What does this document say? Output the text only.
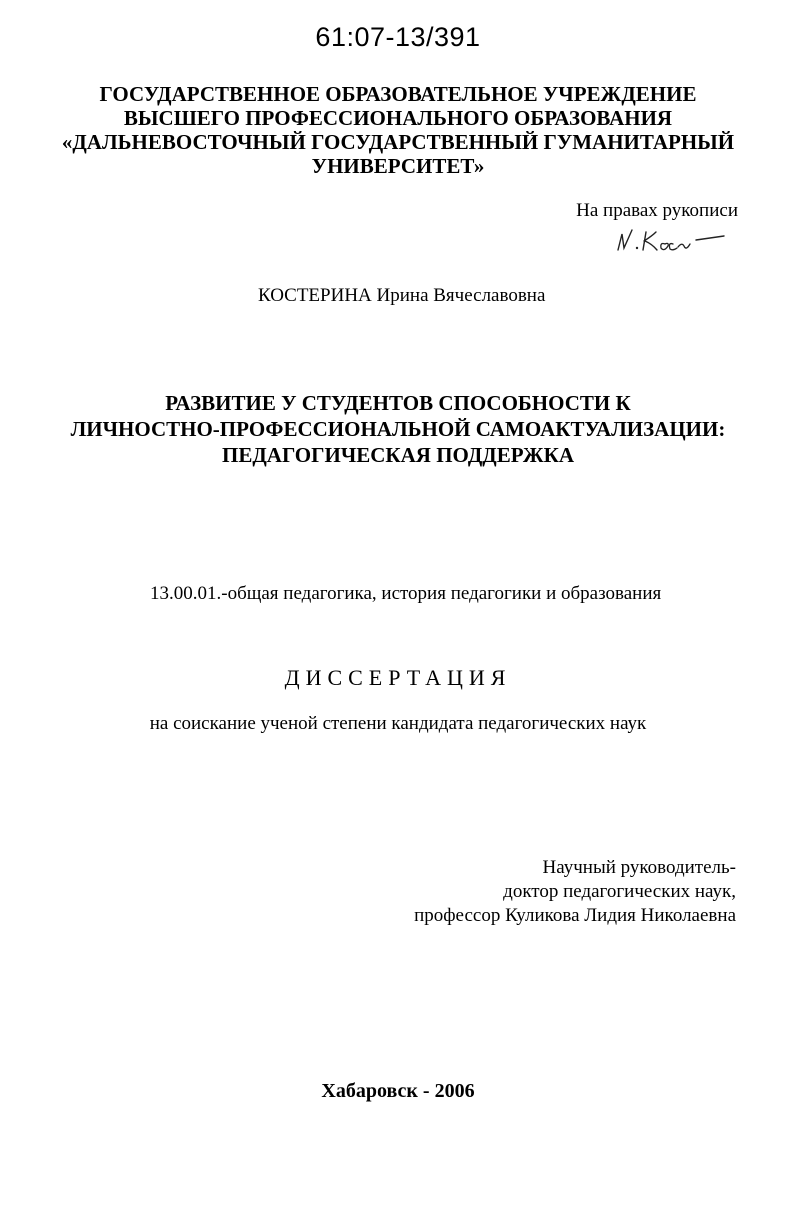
61:07-13/391
ГОСУДАРСТВЕННОЕ ОБРАЗОВАТЕЛЬНОЕ УЧРЕЖДЕНИЕ
ВЫСШЕГО ПРОФЕССИОНАЛЬНОГО ОБРАЗОВАНИЯ
«ДАЛЬНЕВОСТОЧНЫЙ ГОСУДАРСТВЕННЫЙ ГУМАНИТАРНЫЙ
УНИВЕРСИТЕТ»
На правах рукописи
КОСТЕРИНА Ирина Вячеславовна
РАЗВИТИЕ У СТУДЕНТОВ СПОСОБНОСТИ К
ЛИЧНОСТНО-ПРОФЕССИОНАЛЬНОЙ САМОАКТУАЛИЗАЦИИ:
ПЕДАГОГИЧЕСКАЯ ПОДДЕРЖКА
13.00.01.-общая педагогика, история педагогики и образования
ДИССЕРТАЦИЯ
на соискание ученой степени кандидата педагогических наук
Научный руководитель-
доктор педагогических наук,
профессор Куликова Лидия Николаевна
Хабаровск - 2006
